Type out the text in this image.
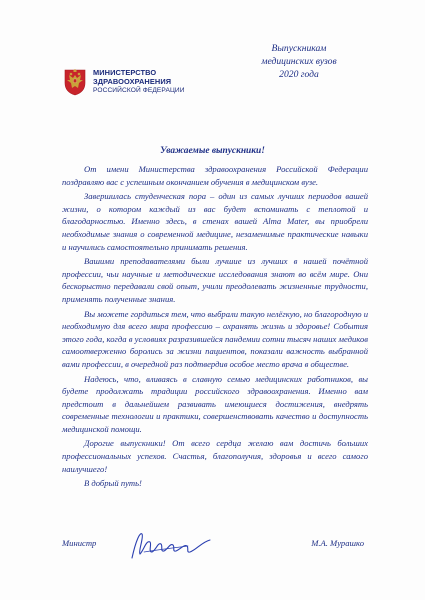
Выпускникам
медицинских вузов
2020 года
МИНИСТЕРСТВО
ЗДРАВООХРАНЕНИЯ
РОССИЙСКОЙ ФЕДЕРАЦИИ
Уважаемые выпускники!

От имени Министерства здравоохранения Российской Федерации поздравляю вас с успешным окончанием обучения в медицинском вузе.

Завершилась студенческая пора – один из самых лучших периодов вашей жизни, о котором каждый из вас будет вспоминать с теплотой и благодарностью. Именно здесь, в стенах вашей Alma Mater, вы приобрели необходимые знания о современной медицине, незаменимые практические навыки и научились самостоятельно принимать решения.

Вашими преподавателями были лучшие из лучших в нашей почётной профессии, чьи научные и методические исследования знают во всём мире. Они бескорыстно передавали свой опыт, учили преодолевать жизненные трудности, применять полученные знания.

Вы можете гордиться тем, что выбрали такую нелёгкую, но благородную и необходимую для всего мира профессию – охранять жизнь и здоровье! События этого года, когда в условиях разразившейся пандемии сотни тысяч наших медиков самоотверженно боролись за жизни пациентов, показали важность выбранной вами профессии, в очередной раз подтвердив особое место врача в обществе.

Надеюсь, что, вливаясь в славную семью медицинских работников, вы будете продолжать традиции российского здравоохранения. Именно вам предстоит в дальнейшем развивать имеющиеся достижения, внедрять современные технологии и практики, совершенствовать качество и доступность медицинской помощи.

Дорогие выпускники! От всего сердца желаю вам достичь больших профессиональных успехов. Счастья, благополучия, здоровья и всего самого наилучшего!

В добрый путь!

Министр	М.А. Мурашко
